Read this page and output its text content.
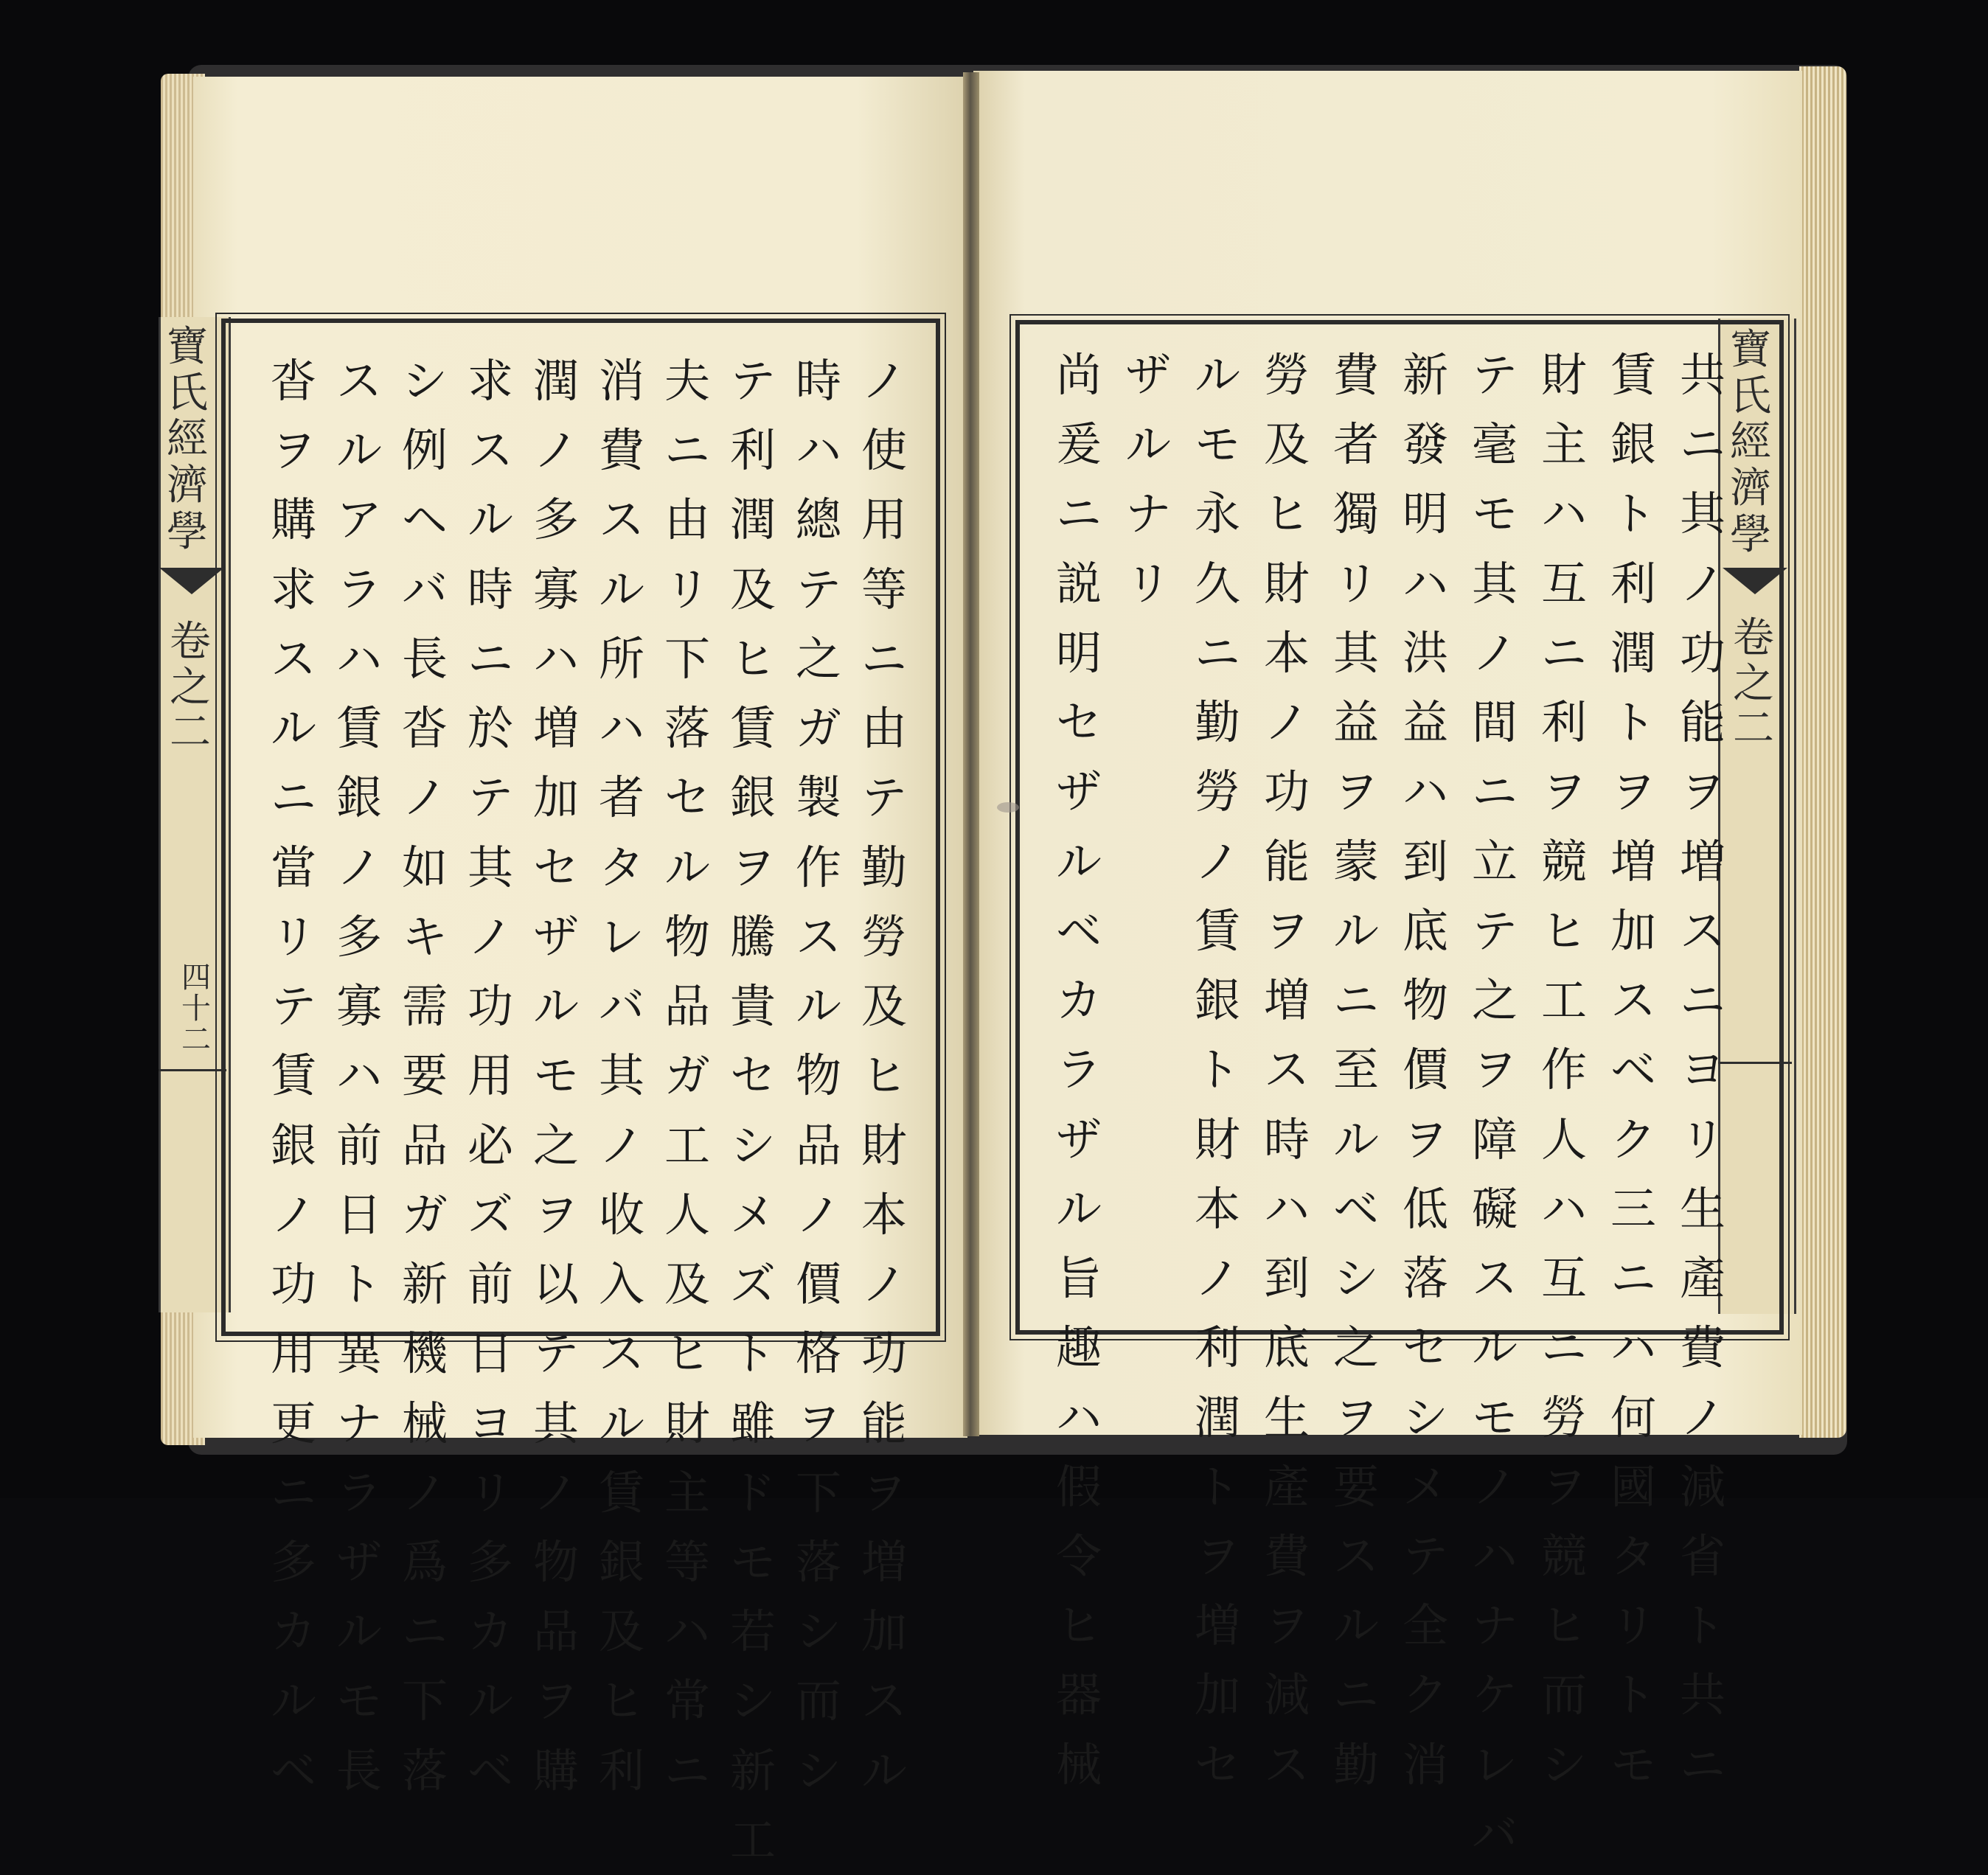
寶
氏
經
濟
學
卷
之
二
四
十
二
寶
氏
經
濟
學
卷
之
二
ノ
使
用
等
ニ
由
テ
勤
勞
及
ヒ
財
本
ノ
功
能
ヲ
増
加
ス
ル
時
ハ
總
テ
之
ガ
製
作
ス
ル
物
品
ノ
價
格
ヲ
下
落
シ
而
シ
テ
利
潤
及
ヒ
賃
銀
ヲ
騰
貴
セ
シ
メ
ズ
ト
雖
ド
モ
若
シ
新
工
夫
ニ
由
リ
下
落
セ
ル
物
品
ガ
工
人
及
ヒ
財
主
等
ハ
常
ニ
消
費
ス
ル
所
ハ
者
タ
レ
バ
其
ノ
收
入
ス
ル
賃
銀
及
ヒ
利
潤
ノ
多
寡
ハ
増
加
セ
ザ
ル
モ
之
ヲ
以
テ
其
ノ
物
品
ヲ
購
求
ス
ル
時
ニ
於
テ
其
ノ
功
用
必
ズ
前
日
ヨ
リ
多
カ
ル
ベ
シ
例
ヘ
バ
長
沓
ノ
如
キ
需
要
品
ガ
新
機
械
ノ
爲
ニ
下
落
ス
ル
ア
ラ
ハ
賃
銀
ノ
多
寡
ハ
前
日
ト
異
ナ
ラ
ザ
ル
モ
長
沓
ヲ
購
求
ス
ル
ニ
當
リ
テ
賃
銀
ノ
功
用
更
ニ
多
カ
ル
ベ
共
ニ
其
ノ
功
能
ヲ
増
ス
ニ
ヨ
リ
生
產
費
ノ
減
省
ト
共
ニ
賃
銀
ト
利
潤
ト
ヲ
増
加
ス
ベ
ク
三
ニ
ハ
何
國
タ
リ
ト
モ
財
主
ハ
互
ニ
利
ヲ
競
ヒ
工
作
人
ハ
互
ニ
勞
ヲ
競
ヒ
而
シ
テ
毫
モ
其
ノ
間
ニ
立
テ
之
ヲ
障
礙
ス
ル
モ
ノ
ハ
ナ
ケ
レ
バ
新
發
明
ハ
洪
益
ハ
到
底
物
價
ヲ
低
落
セ
シ
メ
テ
全
ク
消
費
者
獨
リ
其
益
ヲ
蒙
ル
ニ
至
ル
ベ
シ
之
ヲ
要
ス
ル
ニ
勤
勞
及
ヒ
財
本
ノ
功
能
ヲ
増
ス
時
ハ
到
底
生
產
費
ヲ
減
ス
ル
モ
永
久
ニ
勤
勞
ノ
賃
銀
ト
財
本
ノ
利
潤
ト
ヲ
増
加
セ
ザ
ル
ナ
リ
尚
爰
ニ
説
明
セ
ザ
ル
ベ
カ
ラ
ザ
ル
旨
趣
ハ
假
令
ヒ
器
械
